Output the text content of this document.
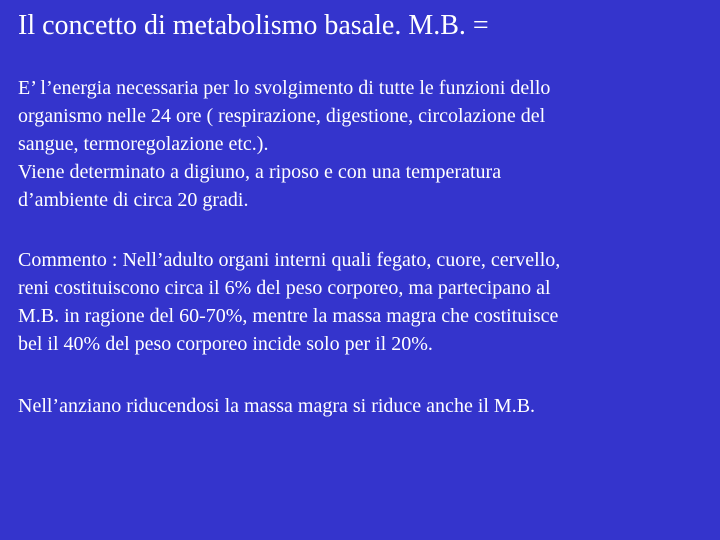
Il concetto di metabolismo basale. M.B. =
E’ l’energia necessaria per lo svolgimento di tutte le funzioni dello
organismo nelle 24 ore ( respirazione, digestione, circolazione del
sangue, termoregolazione etc.).
Viene determinato a digiuno, a riposo e con una temperatura
d’ambiente di circa 20 gradi.
Commento : Nell’adulto organi interni quali fegato, cuore, cervello,
reni costituiscono circa il 6% del peso corporeo, ma partecipano al
M.B. in ragione del 60-70%, mentre la massa magra che costituisce
bel il 40% del peso corporeo incide solo per il 20%.
Nell’anziano riducendosi la massa magra si riduce anche il M.B.
